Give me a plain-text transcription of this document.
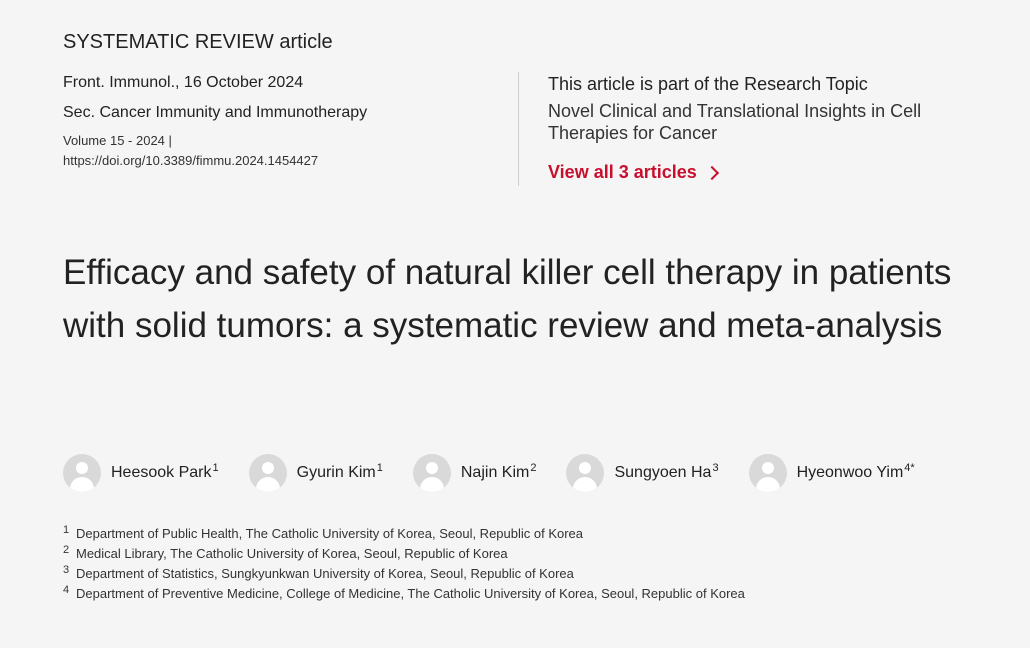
SYSTEMATIC REVIEW article

Front. Immunol., 16 October 2024

Sec. Cancer Immunity and Immunotherapy

Volume 15 - 2024 |

https://doi.org/10.3389/fimmu.2024.1454427

This article is part of the Research Topic

Novel Clinical and Translational Insights in Cell Therapies for Cancer

View all 3 articles
Efficacy and safety of natural killer cell therapy in patients with solid tumors: a systematic review and meta-analysis
Heesook Park$^1$	Gyurin Kim$^1$	Najin Kim$^2$	Sungyoen Ha$^3$	Hyeonwoo Yim$^{4*}$
1 Department of Public Health, The Catholic University of Korea, Seoul, Republic of Korea
2 Medical Library, The Catholic University of Korea, Seoul, Republic of Korea
3 Department of Statistics, Sungkyunkwan University of Korea, Seoul, Republic of Korea
4 Department of Preventive Medicine, College of Medicine, The Catholic University of Korea, Seoul, Republic of Korea
